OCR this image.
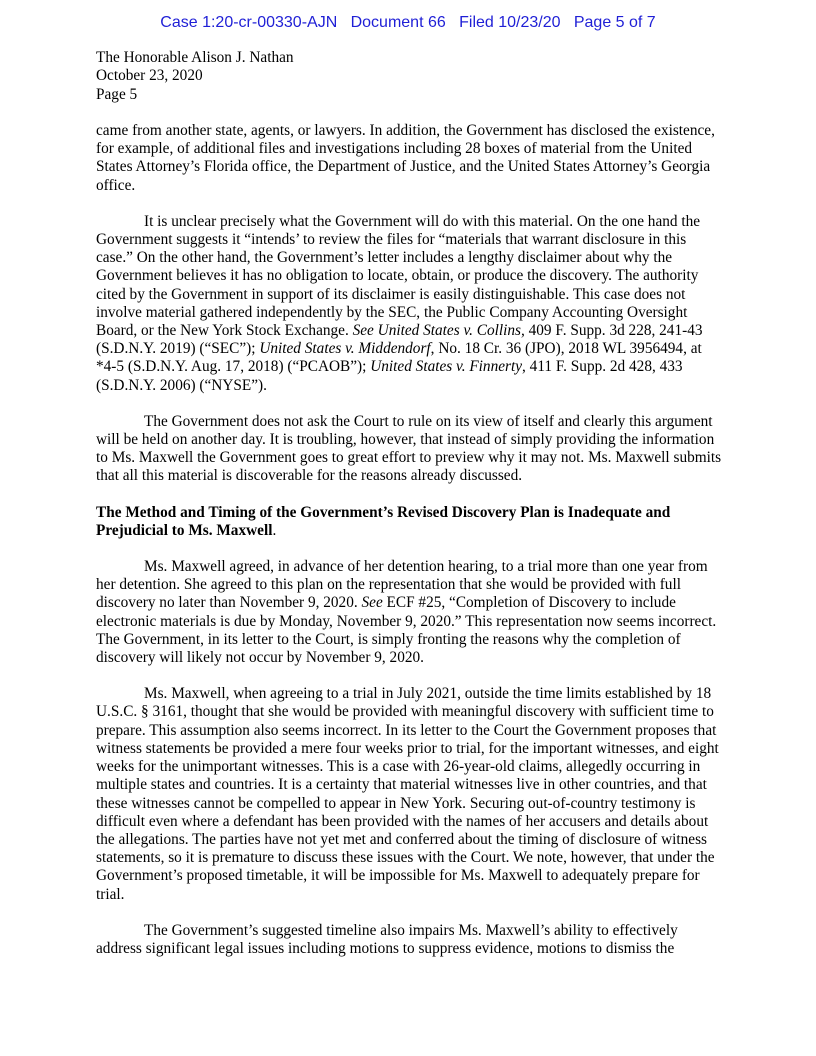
Case 1:20-cr-00330-AJN Document 66 Filed 10/23/20 Page 5 of 7
The Honorable Alison J. Nathan
October 23, 2020
Page 5

came from another state, agents, or lawyers. In addition, the Government has disclosed the existence, for example, of additional files and investigations including 28 boxes of material from the United States Attorney’s Florida office, the Department of Justice, and the United States Attorney’s Georgia office.

It is unclear precisely what the Government will do with this material. On the one hand the Government suggests it “intends’ to review the files for “materials that warrant disclosure in this case.” On the other hand, the Government’s letter includes a lengthy disclaimer about why the Government believes it has no obligation to locate, obtain, or produce the discovery. The authority cited by the Government in support of its disclaimer is easily distinguishable. This case does not involve material gathered independently by the SEC, the Public Company Accounting Oversight Board, or the New York Stock Exchange. See United States v. Collins, 409 F. Supp. 3d 228, 241-43 (S.D.N.Y. 2019) (“SEC”); United States v. Middendorf, No. 18 Cr. 36 (JPO), 2018 WL 3956494, at *4-5 (S.D.N.Y. Aug. 17, 2018) (“PCAOB”); United States v. Finnerty, 411 F. Supp. 2d 428, 433 (S.D.N.Y. 2006) (“NYSE”).

The Government does not ask the Court to rule on its view of itself and clearly this argument will be held on another day. It is troubling, however, that instead of simply providing the information to Ms. Maxwell the Government goes to great effort to preview why it may not. Ms. Maxwell submits that all this material is discoverable for the reasons already discussed.

The Method and Timing of the Government’s Revised Discovery Plan is Inadequate and Prejudicial to Ms. Maxwell.

Ms. Maxwell agreed, in advance of her detention hearing, to a trial more than one year from her detention. She agreed to this plan on the representation that she would be provided with full discovery no later than November 9, 2020. See ECF #25, “Completion of Discovery to include electronic materials is due by Monday, November 9, 2020.” This representation now seems incorrect. The Government, in its letter to the Court, is simply fronting the reasons why the completion of discovery will likely not occur by November 9, 2020.

Ms. Maxwell, when agreeing to a trial in July 2021, outside the time limits established by 18 U.S.C. § 3161, thought that she would be provided with meaningful discovery with sufficient time to prepare. This assumption also seems incorrect. In its letter to the Court the Government proposes that witness statements be provided a mere four weeks prior to trial, for the important witnesses, and eight weeks for the unimportant witnesses. This is a case with 26-year-old claims, allegedly occurring in multiple states and countries. It is a certainty that material witnesses live in other countries, and that these witnesses cannot be compelled to appear in New York. Securing out-of-country testimony is difficult even where a defendant has been provided with the names of her accusers and details about the allegations. The parties have not yet met and conferred about the timing of disclosure of witness statements, so it is premature to discuss these issues with the Court. We note, however, that under the Government’s proposed timetable, it will be impossible for Ms. Maxwell to adequately prepare for trial.

The Government’s suggested timeline also impairs Ms. Maxwell’s ability to effectively address significant legal issues including motions to suppress evidence, motions to dismiss the
